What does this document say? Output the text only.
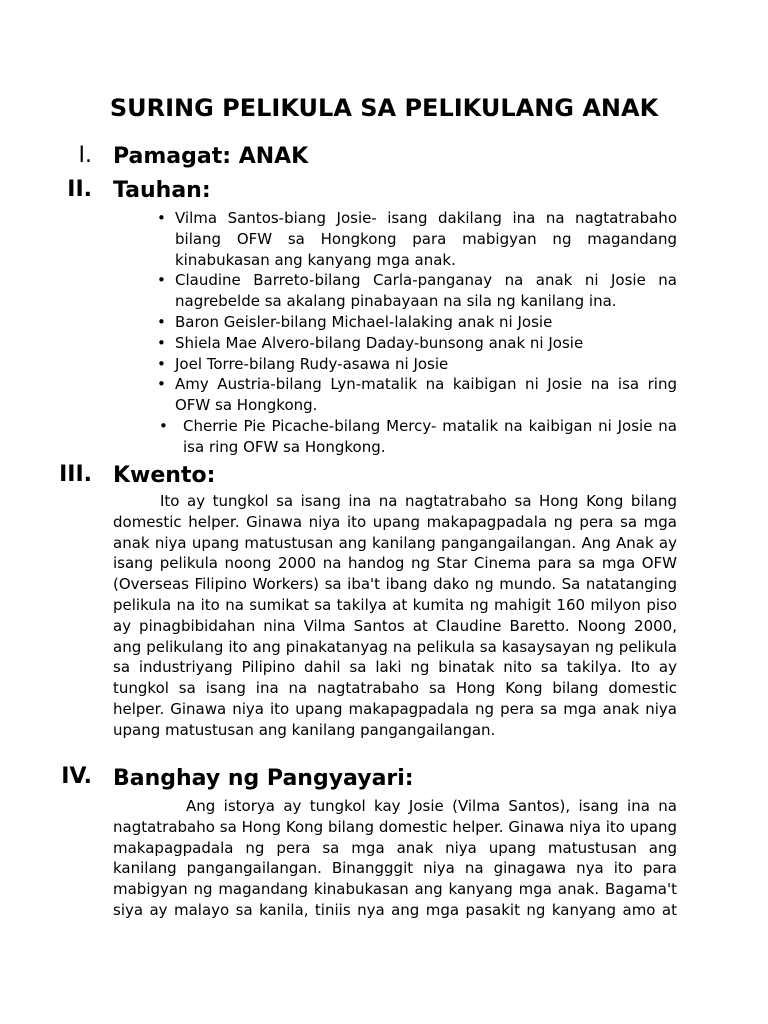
SURING PELIKULA SA PELIKULANG ANAK
I. Pamagat: ANAK
II. Tauhan:
• Vilma Santos-biang Josie- isang dakilang ina na nagtatrabaho bilang OFW sa Hongkong para mabigyan ng magandang kinabukasan ang kanyang mga anak.
• Claudine Barreto-bilang Carla-panganay na anak ni Josie na nagrebelde sa akalang pinabayaan na sila ng kanilang ina.
• Baron Geisler-bilang Michael-lalaking anak ni Josie
• Shiela Mae Alvero-bilang Daday-bunsong anak ni Josie
• Joel Torre-bilang Rudy-asawa ni Josie
• Amy Austria-bilang Lyn-matalik na kaibigan ni Josie na isa ring OFW sa Hongkong.
• Cherrie Pie Picache-bilang Mercy- matalik na kaibigan ni Josie na isa ring OFW sa Hongkong.
III. Kwento:

Ito ay tungkol sa isang ina na nagtatrabaho sa Hong Kong bilang domestic helper. Ginawa niya ito upang makapagpadala ng pera sa mga anak niya upang matustusan ang kanilang pangangailangan. Ang Anak ay isang pelikula noong 2000 na handog ng Star Cinema para sa mga OFW (Overseas Filipino Workers) sa iba't ibang dako ng mundo. Sa natatanging pelikula na ito na sumikat sa takilya at kumita ng mahigit 160 milyon piso ay pinagbibidahan nina Vilma Santos at Claudine Baretto. Noong 2000, ang pelikulang ito ang pinakatanyag na pelikula sa kasaysayan ng pelikula sa industriyang Pilipino dahil sa laki ng binatak nito sa takilya. Ito ay tungkol sa isang ina na nagtatrabaho sa Hong Kong bilang domestic helper. Ginawa niya ito upang makapagpadala ng pera sa mga anak niya upang matustusan ang kanilang pangangailangan.

IV. Banghay ng Pangyayari:

Ang istorya ay tungkol kay Josie (Vilma Santos), isang ina na nagtatrabaho sa Hong Kong bilang domestic helper. Ginawa niya ito upang makapagpadala ng pera sa mga anak niya upang matustusan ang kanilang pangangailangan. Binangggit niya na ginagawa nya ito para mabigyan ng magandang kinabukasan ang kanyang mga anak. Bagama't siya ay malayo sa kanila, tiniis nya ang mga pasakit ng kanyang amo at
